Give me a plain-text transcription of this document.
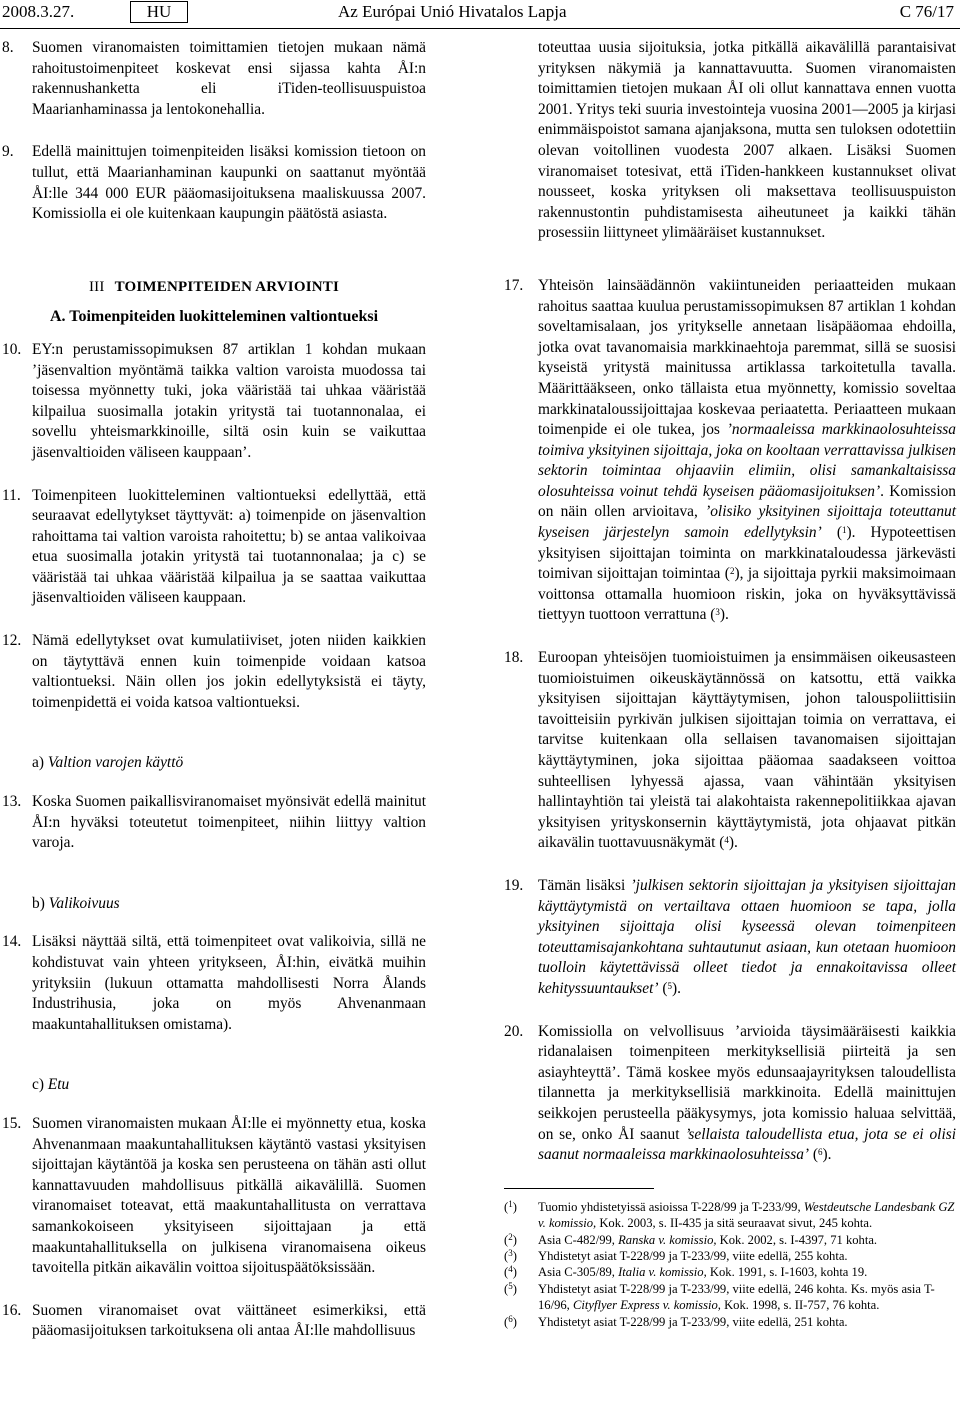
2008.3.27.	HU	Az Európai Unió Hivatalos Lapja	C 76/17
8. Suomen viranomaisten toimittamien tietojen mukaan nämä rahoitustoimenpiteet koskevat ensi sijassa kahta ÅI:n rakennushanketta eli iTiden-teollisuuspuistoa Maarianhaminassa ja lentokonehallia.
9. Edellä mainittujen toimenpiteiden lisäksi komission tietoon on tullut, että Maarianhaminan kaupunki on saattanut myöntää ÅI:lle 344 000 EUR pääomasijoituksena maaliskuussa 2007. Komissiolla ei ole kuitenkaan kaupungin päätöstä asiasta.
III TOIMENPITEIDEN ARVIOINTI
A. Toimenpiteiden luokitteleminen valtiontueksi
10. EY:n perustamissopimuksen 87 artiklan 1 kohdan mukaan ’jäsenvaltion myöntämä taikka valtion varoista muodossa tai toisessa myönnetty tuki, joka vääristää tai uhkaa vääristää kilpailua suosimalla jotakin yritystä tai tuotannonalaa, ei sovellu yhteismarkkinoille, siltä osin kuin se vaikuttaa jäsenvaltioiden väliseen kauppaan’.
11. Toimenpiteen luokitteleminen valtiontueksi edellyttää, että seuraavat edellytykset täyttyvät: a) toimenpide on jäsenvaltion rahoittama tai valtion varoista rahoitettu; b) se antaa valikoivaa etua suosimalla jotakin yritystä tai tuotannonalaa; ja c) se vääristää tai uhkaa vääristää kilpailua ja se saattaa vaikuttaa jäsenvaltioiden väliseen kauppaan.
12. Nämä edellytykset ovat kumulatiiviset, joten niiden kaikkien on täytyttävä ennen kuin toimenpide voidaan katsoa valtiontueksi. Näin ollen jos jokin edellytyksistä ei täyty, toimenpidettä ei voida katsoa valtiontueksi.
a) Valtion varojen käyttö
13. Koska Suomen paikallisviranomaiset myönsivät edellä mainitut ÅI:n hyväksi toteutetut toimenpiteet, niihin liittyy valtion varoja.
b) Valikoivuus
14. Lisäksi näyttää siltä, että toimenpiteet ovat valikoivia, sillä ne kohdistuvat vain yhteen yritykseen, ÅI:hin, eivätkä muihin yrityksiin (lukuun ottamatta mahdollisesti Norra Ålands Industrihusia, joka on myös Ahvenanmaan maakuntahallituksen omistama).
c) Etu
15. Suomen viranomaisten mukaan ÅI:lle ei myönnetty etua, koska Ahvenanmaan maakuntahallituksen käytäntö vastasi yksityisen sijoittajan käytäntöä ja koska sen perusteena on tähän asti ollut kannattavuuden mahdollisuus pitkällä aikavälillä. Suomen viranomaiset toteavat, että maakuntahallitusta on verrattava samankokoiseen yksityiseen sijoittajaan ja että maakuntahallituksella on julkisena viranomaisena oikeus tavoitella pitkän aikavälin voittoa sijoituspäätöksissään.
16. Suomen viranomaiset ovat väittäneet esimerkiksi, että pääomasijoituksen tarkoituksena oli antaa ÅI:lle mahdollisuus
toteuttaa uusia sijoituksia, jotka pitkällä aikavälillä parantaisivat yrityksen näkymiä ja kannattavuutta. Suomen viranomaisten toimittamien tietojen mukaan ÅI oli ollut kannattava ennen vuotta 2001. Yritys teki suuria investointeja vuosina 2001—2005 ja kirjasi enimmäispoistot samana ajanjaksona, mutta sen tuloksen odotettiin olevan voitollinen vuodesta 2007 alkaen. Lisäksi Suomen viranomaiset totesivat, että iTiden-hankkeen kustannukset olivat nousseet, koska yrityksen oli maksettava teollisuuspuiston rakennustontin puhdistamisesta aiheutuneet ja kaikki tähän prosessiin liittyneet ylimääräiset kustannukset.
17. Yhteisön lainsäädännön vakiintuneiden periaatteiden mukaan rahoitus saattaa kuulua perustamissopimuksen 87 artiklan 1 kohdan soveltamisalaan, jos yritykselle annetaan lisäpääomaa ehdoilla, jotka ovat tavanomaisia markkinaehtoja paremmat, sillä se suosisi kyseistä yritystä mainitussa artiklassa tarkoitetulla tavalla. Määrittääkseen, onko tällaista etua myönnetty, komissio soveltaa markkinataloussijoittajaa koskevaa periaatetta. Periaatteen mukaan toimenpide ei ole tukea, jos ’normaaleissa markkinaolosuhteissa toimiva yksityinen sijoittaja, joka on kooltaan verrattavissa julkisen sektorin toimintaa ohjaaviin elimiin, olisi samankaltaisissa olosuhteissa voinut tehdä kyseisen pääomasijoituksen’. Komission on näin ollen arvioitava, ’olisiko yksityinen sijoittaja toteuttanut kyseisen järjestelyn samoin edellytyksin’ ($^1$). Hypoteettisen yksityisen sijoittajan toiminta on markkinataloudessa järkevästi toimivan sijoittajan toimintaa ($^2$), ja sijoittaja pyrkii maksimoimaan voittonsa ottamalla huomioon riskin, joka on hyväksyttävissä tiettyyn tuottoon verrattuna ($^3$).
18. Euroopan yhteisöjen tuomioistuimen ja ensimmäisen oikeusasteen tuomioistuimen oikeuskäytännössä on katsottu, että vaikka yksityisen sijoittajan käyttäytymisen, johon talouspoliittisiin tavoitteisiin pyrkivän julkisen sijoittajan toimia on verrattava, ei tarvitse kuitenkaan olla sellaisen tavanomaisen sijoittajan käyttäytyminen, joka sijoittaa pääomaa saadakseen voittoa suhteellisen lyhyessä ajassa, vaan vähintään yksityisen hallintayhtiön tai yleistä tai alakohtaista rakennepolitiikkaa ajavan yksityisen yrityskonsernin käyttäytymistä, jota ohjaavat pitkän aikavälin tuottavuusnäkymät ($^4$).
19. Tämän lisäksi ’julkisen sektorin sijoittajan ja yksityisen sijoittajan käyttäytymistä on vertailtava ottaen huomioon se tapa, jolla yksityinen sijoittaja olisi kyseessä olevan toimenpiteen toteuttamisajankohtana suhtautunut asiaan, kun otetaan huomioon tuolloin käytettävissä olleet tiedot ja ennakoitavissa olleet kehityssuuntaukset’ ($^5$).
20. Komissiolla on velvollisuus ’arvioida täysimääräisesti kaikkia ridanalaisen toimenpiteen merkityksellisiä piirteitä ja sen asiayhteyttä’. Tämä koskee myös edunsaajayrityksen taloudellista tilannetta ja merkityksellisiä markkinoita. Edellä mainittujen seikkojen perusteella pääkysymys, jota komissio haluaa selvittää, on se, onko ÅI saanut ’sellaista taloudellista etua, jota se ei olisi saanut normaaleissa markkinaolosuhteissa’ ($^6$).
($^1$) Tuomio yhdistetyissä asioissa T-228/99 ja T-233/99, Westdeutsche Landesbank GZ v. komissio, Kok. 2003, s. II-435 ja sitä seuraavat sivut, 245 kohta.
($^2$) Asia C-482/99, Ranska v. komissio, Kok. 2002, s. I-4397, 71 kohta.
($^3$) Yhdistetyt asiat T-228/99 ja T-233/99, viite edellä, 255 kohta.
($^4$) Asia C-305/89, Italia v. komissio, Kok. 1991, s. I-1603, kohta 19.
($^5$) Yhdistetyt asiat T-228/99 ja T-233/99, viite edellä, 246 kohta. Ks. myös asia T-16/96, Cityflyer Express v. komissio, Kok. 1998, s. II-757, 76 kohta.
($^6$) Yhdistetyt asiat T-228/99 ja T-233/99, viite edellä, 251 kohta.
